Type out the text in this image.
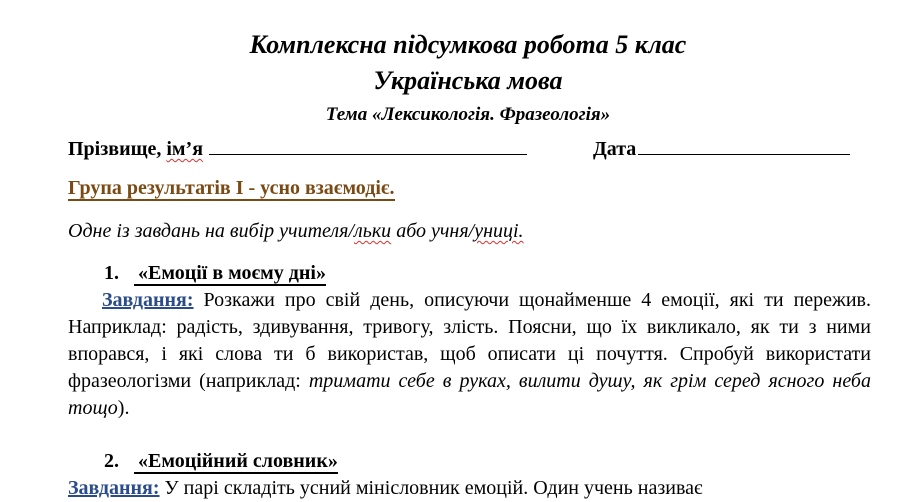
Комплексна підсумкова робота 5 клас
Українська мова
Тема «Лексикологія. Фразеологія»
Прізвище, ім’я	Дата
Група результатів І - усно взаємодіє.
Одне із завдань на вибір учителя/льки або учня/униці.
1. «Емоції в моєму дні»
Завдання: Розкажи про свій день, описуючи щонайменше 4 емоції, які ти пережив. Наприклад: радість, здивування, тривогу, злість. Поясни, що їх викликало, як ти з ними впорався, і які слова ти б використав, щоб описати ці почуття. Спробуй використати фразеологізми (наприклад: тримати себе в руках, вилити душу, як грім серед ясного неба тощо).
2. «Емоційний словник»
Завдання: У парі складіть усний мінісловник емоцій. Один учень називає
